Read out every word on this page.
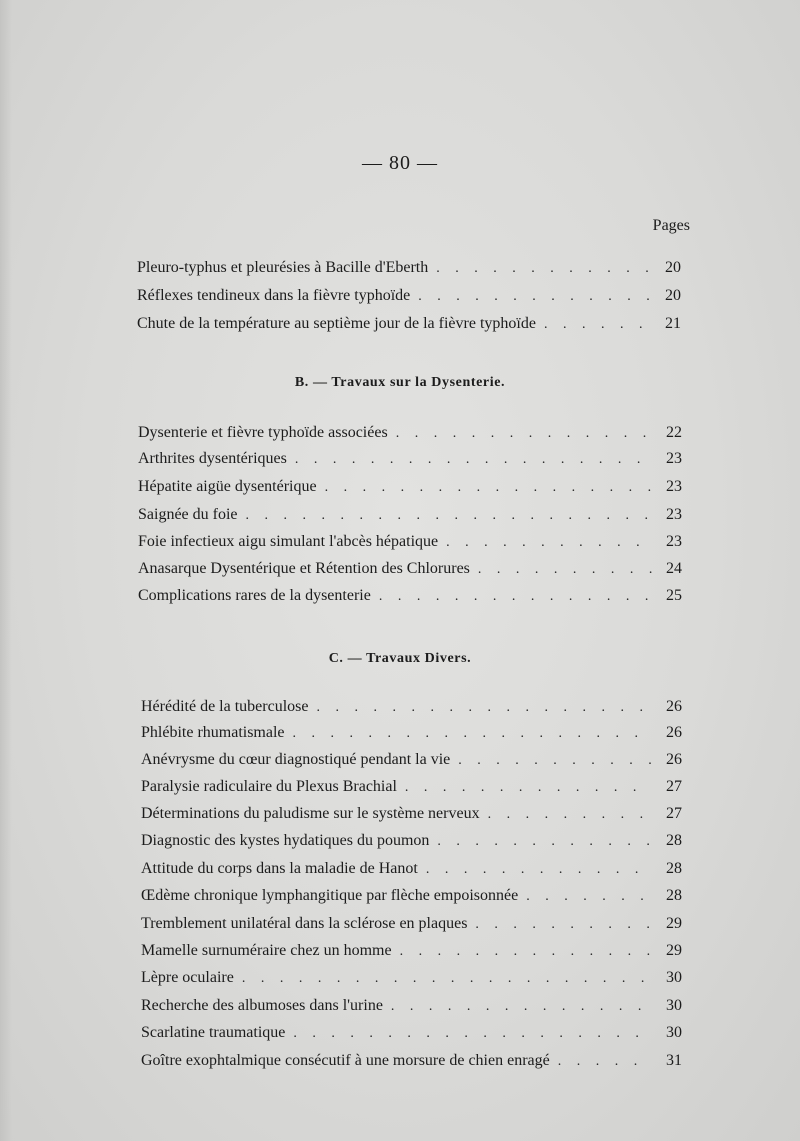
— 80 —
Pages
Pleuro-typhus et pleurésies à Bacille d'Eberth . . .	20
Réflexes tendineux dans la fièvre typhoïde . . .	20
Chute de la température au septième jour de la fièvre typhoïde . . .	21
B. — Travaux sur la Dysenterie.
Dysenterie et fièvre typhoïde associées . . .	22
Arthrites dysentériques . . .	23
Hépatite aigüe dysentérique . . .	23
Saignée du foie . . .	23
Foie infectieux aigu simulant l'abcès hépatique . . .	23
Anasarque Dysentérique et Rétention des Chlorures . . .	24
Complications rares de la dysenterie . . .	25
C. — Travaux Divers.
Hérédité de la tuberculose . . .	26
Phlébite rhumatismale . . .	26
Anévrysme du cœur diagnostiqué pendant la vie . . .	26
Paralysie radiculaire du Plexus Brachial . . .	27
Déterminations du paludisme sur le système nerveux . . .	27
Diagnostic des kystes hydatiques du poumon . . .	28
Attitude du corps dans la maladie de Hanot . . .	28
Œdème chronique lymphangitique par flèche empoisonnée . . .	28
Tremblement unilatéral dans la sclérose en plaques . . .	29
Mamelle surnuméraire chez un homme . . .	29
Lèpre oculaire . . .	30
Recherche des albumoses dans l'urine . . .	30
Scarlatine traumatique . . .	30
Goître exophtalmique consécutif à une morsure de chien enragé . . .	31
